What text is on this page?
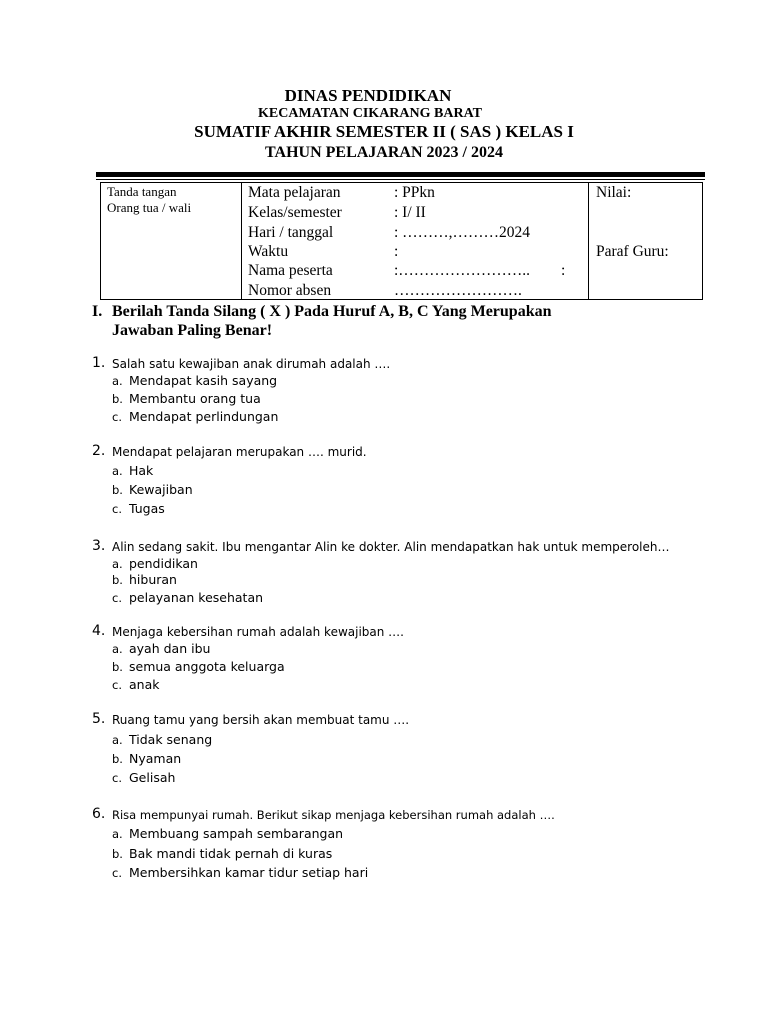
DINAS PENDIDIKAN
KECAMATAN CIKARANG BARAT
SUMATIF AKHIR SEMESTER II ( SAS ) KELAS I
TAHUN PELAJARAN 2023 / 2024
Tanda tangan
Orang tua / wali
Mata pelajaran	: PPkn
Kelas/semester	: I/ II
Hari / tanggal	: ………,………2024
Waktu	:
Nama peserta	:……………………..        :
Nomor absen	…………………….
Nilai:
Paraf Guru:
I. Berilah Tanda Silang ( X ) Pada Huruf A, B, C Yang Merupakan
Jawaban Paling Benar!
1. Salah satu kewajiban anak dirumah adalah ….
a. Mendapat kasih sayang
b. Membantu orang tua
c. Mendapat perlindungan
2. Mendapat pelajaran merupakan …. murid.
a. Hak
b. Kewajiban
c. Tugas
3. Alin sedang sakit. Ibu mengantar Alin ke dokter. Alin mendapatkan hak untuk memperoleh…
a. pendidikan
b. hiburan
c. pelayanan kesehatan
4. Menjaga kebersihan rumah adalah kewajiban ….
a. ayah dan ibu
b. semua anggota keluarga
c. anak
5. Ruang tamu yang bersih akan membuat tamu ….
a. Tidak senang
b. Nyaman
c. Gelisah
6. Risa mempunyai rumah. Berikut sikap menjaga kebersihan rumah adalah ….
a. Membuang sampah sembarangan
b. Bak mandi tidak pernah di kuras
c. Membersihkan kamar tidur setiap hari
